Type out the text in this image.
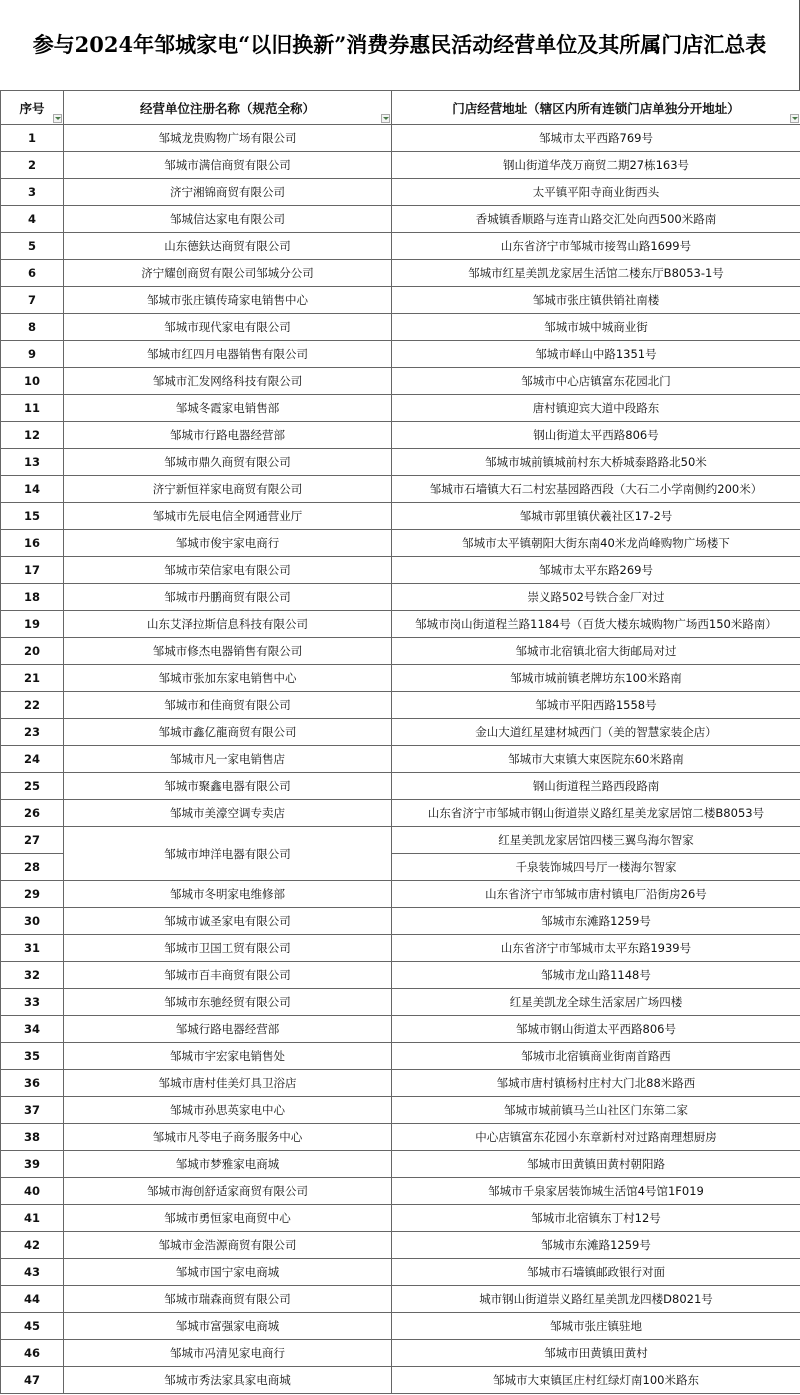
参与2024年邹城家电“以旧换新”消费券惠民活动经营单位及其所属门店汇总表
序号	经营单位注册名称（规范全称）	门店经营地址（辖区内所有连锁门店单独分开地址）

1	邹城龙贵购物广场有限公司	邹城市太平西路769号
2	邹城市满信商贸有限公司	钢山街道华茂万商贸二期27栋163号
3	济宁湘锦商贸有限公司	太平镇平阳寺商业街西头
4	邹城信达家电有限公司	香城镇香顺路与连青山路交汇处向西500米路南
5	山东德鈇达商贸有限公司	山东省济宁市邹城市接驾山路1699号
6	济宁耀创商贸有限公司邹城分公司	邹城市红星美凯龙家居生活馆二楼东厅B8053-1号
7	邹城市张庄镇传琦家电销售中心	邹城市张庄镇供销社南楼
8	邹城市现代家电有限公司	邹城市城中城商业街
9	邹城市红四月电器销售有限公司	邹城市峄山中路1351号
10	邹城市汇发网络科技有限公司	邹城市中心店镇富东花园北门
11	邹城冬霞家电销售部	唐村镇迎宾大道中段路东
12	邹城市行路电器经营部	钢山街道太平西路806号
13	邹城市鼎久商贸有限公司	邹城市城前镇城前村东大桥城泰路路北50米
14	济宁新恒祥家电商贸有限公司	邹城市石墙镇大石二村宏基园路西段（大石二小学南侧约200米）
15	邹城市先辰电信全网通营业厅	邹城市郭里镇伏羲社区17-2号
16	邹城市俊宇家电商行	邹城市太平镇朝阳大街东南40米龙尚峰购物广场楼下
17	邹城市荣信家电有限公司	邹城市太平东路269号
18	邹城市丹鹏商贸有限公司	崇义路502号铁合金厂对过
19	山东艾泽拉斯信息科技有限公司	邹城市岗山街道程兰路1184号（百货大楼东城购物广场西150米路南）
20	邹城市修杰电器销售有限公司	邹城市北宿镇北宿大街邮局对过
21	邹城市张加东家电销售中心	邹城市城前镇老牌坊东100米路南
22	邹城市和佳商贸有限公司	邹城市平阳西路1558号
23	邹城市鑫亿龍商贸有限公司	金山大道红星建材城西门（美的智慧家装企店）
24	邹城市凡一家电销售店	邹城市大束镇大束医院东60米路南
25	邹城市聚鑫电器有限公司	钢山街道程兰路西段路南
26	邹城市美濠空调专卖店	山东省济宁市邹城市钢山街道崇义路红星美龙家居馆二楼B8053号
27	邹城市坤洋电器有限公司	红星美凯龙家居馆四楼三翼鸟海尔智家
28		千泉装饰城四号厅一楼海尔智家
29	邹城市冬明家电维修部	山东省济宁市邹城市唐村镇电厂沿街房26号
30	邹城市诚圣家电有限公司	邹城市东滩路1259号
31	邹城市卫国工贸有限公司	山东省济宁市邹城市太平东路1939号
32	邹城市百丰商贸有限公司	邹城市龙山路1148号
33	邹城市东驰经贸有限公司	红星美凯龙全球生活家居广场四楼
34	邹城行路电器经营部	邹城市钢山街道太平西路806号
35	邹城市宇宏家电销售处	邹城市北宿镇商业街南首路西
36	邹城市唐村佳美灯具卫浴店	邹城市唐村镇杨村庄村大门北88米路西
37	邹城市孙思英家电中心	邹城市城前镇马兰山社区门东第二家
38	邹城市凡苓电子商务服务中心	中心店镇富东花园小东章新村对过路南理想厨房
39	邹城市梦雅家电商城	邹城市田黄镇田黄村朝阳路
40	邹城市海创舒适家商贸有限公司	邹城市千泉家居装饰城生活馆4号馆1F019
41	邹城市勇恒家电商贸中心	邹城市北宿镇东丁村12号
42	邹城市金浩源商贸有限公司	邹城市东滩路1259号
43	邹城市国宁家电商城	邹城市石墙镇邮政银行对面
44	邹城市瑞森商贸有限公司	城市钢山街道崇义路红星美凯龙四楼D8021号
45	邹城市富强家电商城	邹城市张庄镇驻地
46	邹城市冯清见家电商行	邹城市田黄镇田黄村
47	邹城市秀法家具家电商城	邹城市大束镇匡庄村红绿灯南100米路东
